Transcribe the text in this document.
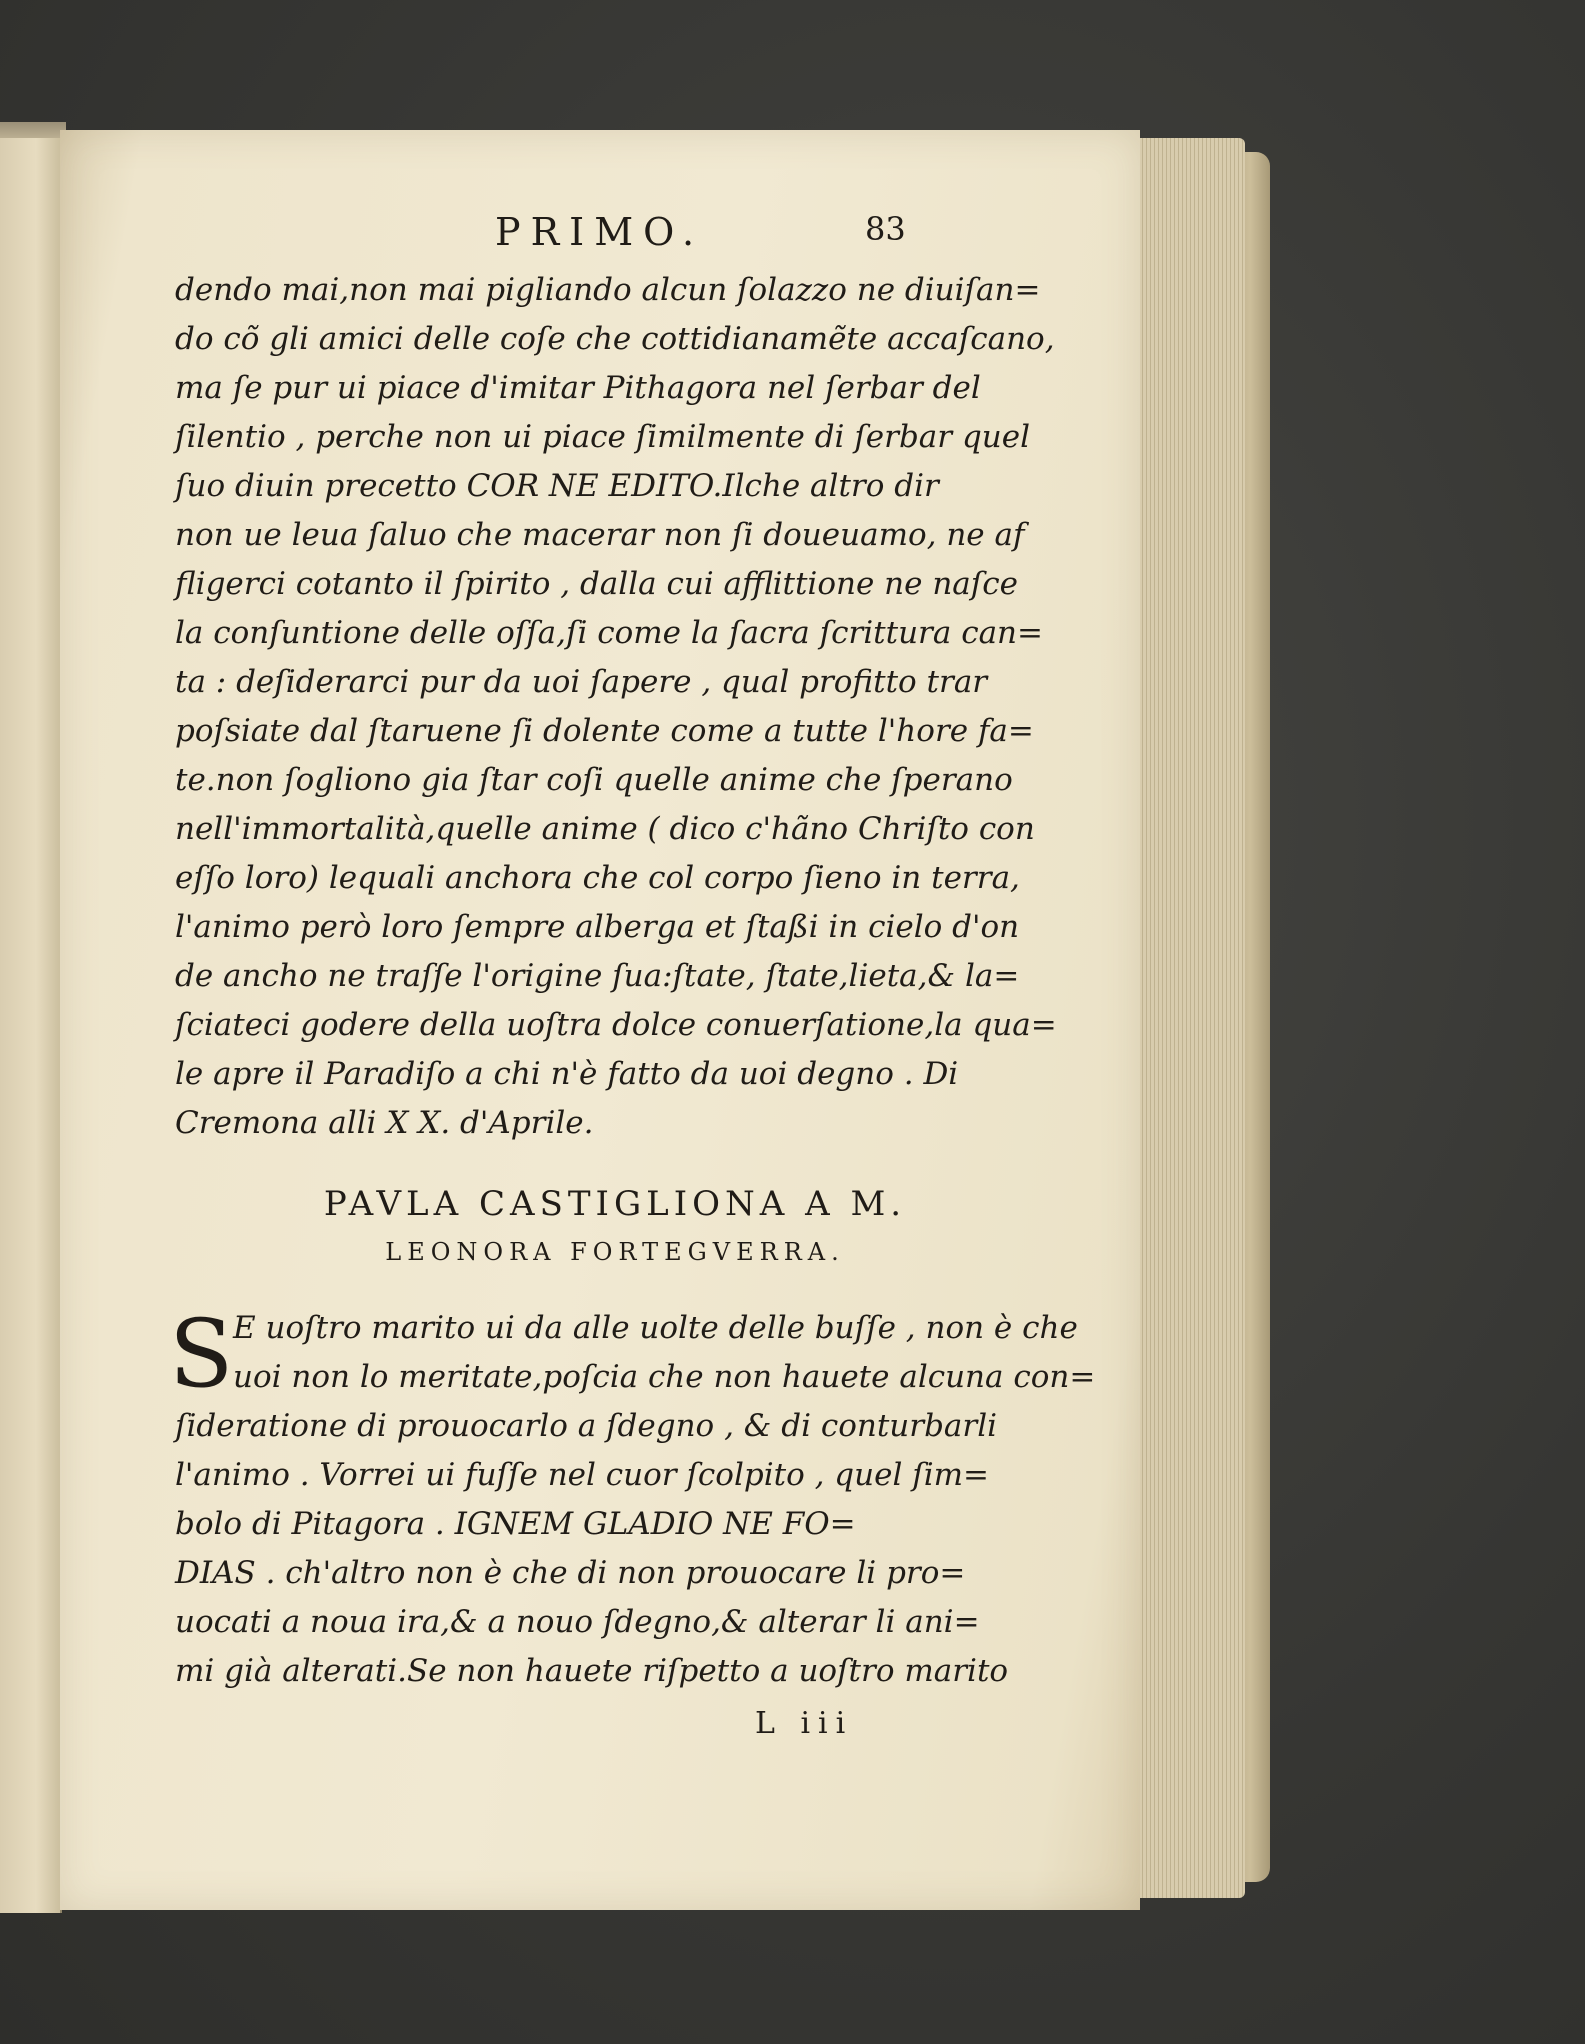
PRIMO.	83
dendo mai,non mai pigliando alcun ſolazzo ne diuiſan=
do cõ gli amici delle coſe che cottidianamẽte accaſcano,
ma ſe pur ui piace d'imitar Pithagora nel ſerbar del
ſilentio , perche non ui piace ſimilmente di ſerbar quel
ſuo diuin precetto COR NE EDITO.Ilche altro dir
non ue leua ſaluo che macerar non ſi doueuamo, ne af
fligerci cotanto il ſpirito , dalla cui afflittione ne naſce
la conſuntione delle oſſa,ſi come la ſacra ſcrittura can=
ta : deſiderarci pur da uoi ſapere , qual profitto trar
poſsiate dal ſtaruene ſi dolente come a tutte l'hore fa=
te.non ſogliono gia ſtar coſi quelle anime che ſperano
nell'immortalità,quelle anime ( dico c'hãno Chriſto con
eſſo loro) lequali anchora che col corpo ſieno in terra,
l'animo però loro ſempre alberga et ſtaßi in cielo d'on
de ancho ne traſſe l'origine ſua:ſtate, ſtate,lieta,& la=
ſciateci godere della uoſtra dolce conuerſatione,la qua=
le apre il Paradiſo a chi n'è fatto da uoi degno . Di
Cremona alli X X. d'Aprile.
PAVLA CASTIGLIONA A M.
LEONORA FORTEGVERRA.
S E uoſtro marito ui da alle uolte delle buſſe , non è che
uoi non lo meritate,poſcia che non hauete alcuna con=
ſideratione di prouocarlo a ſdegno , & di conturbarli
l'animo . Vorrei ui fuſſe nel cuor ſcolpito , quel ſim=
bolo di Pitagora . IGNEM GLADIO NE FO=
DIAS . ch'altro non è che di non prouocare li pro=
uocati a noua ira,& a nouo ſdegno,& alterar li ani=
mi già alterati.Se non hauete riſpetto a uoſtro marito
L iii
